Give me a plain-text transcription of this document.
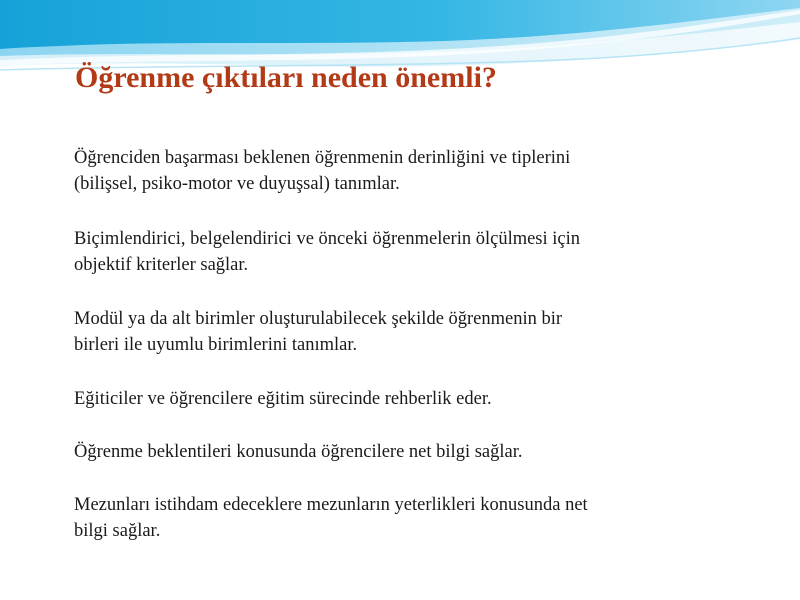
Öğrenme çıktıları neden önemli?

Öğrenciden başarması beklenen öğrenmenin derinliğini ve tiplerini
(bilişsel, psiko-motor ve duyuşsal) tanımlar.

Biçimlendirici, belgelendirici ve önceki öğrenmelerin ölçülmesi için
objektif kriterler sağlar.

Modül ya da alt birimler oluşturulabilecek şekilde öğrenmenin bir
birleri ile uyumlu birimlerini tanımlar.

Eğiticiler ve öğrencilere eğitim sürecinde rehberlik eder.

Öğrenme beklentileri konusunda öğrencilere net bilgi sağlar.

Mezunları istihdam edeceklere mezunların yeterlikleri konusunda net
bilgi sağlar.
